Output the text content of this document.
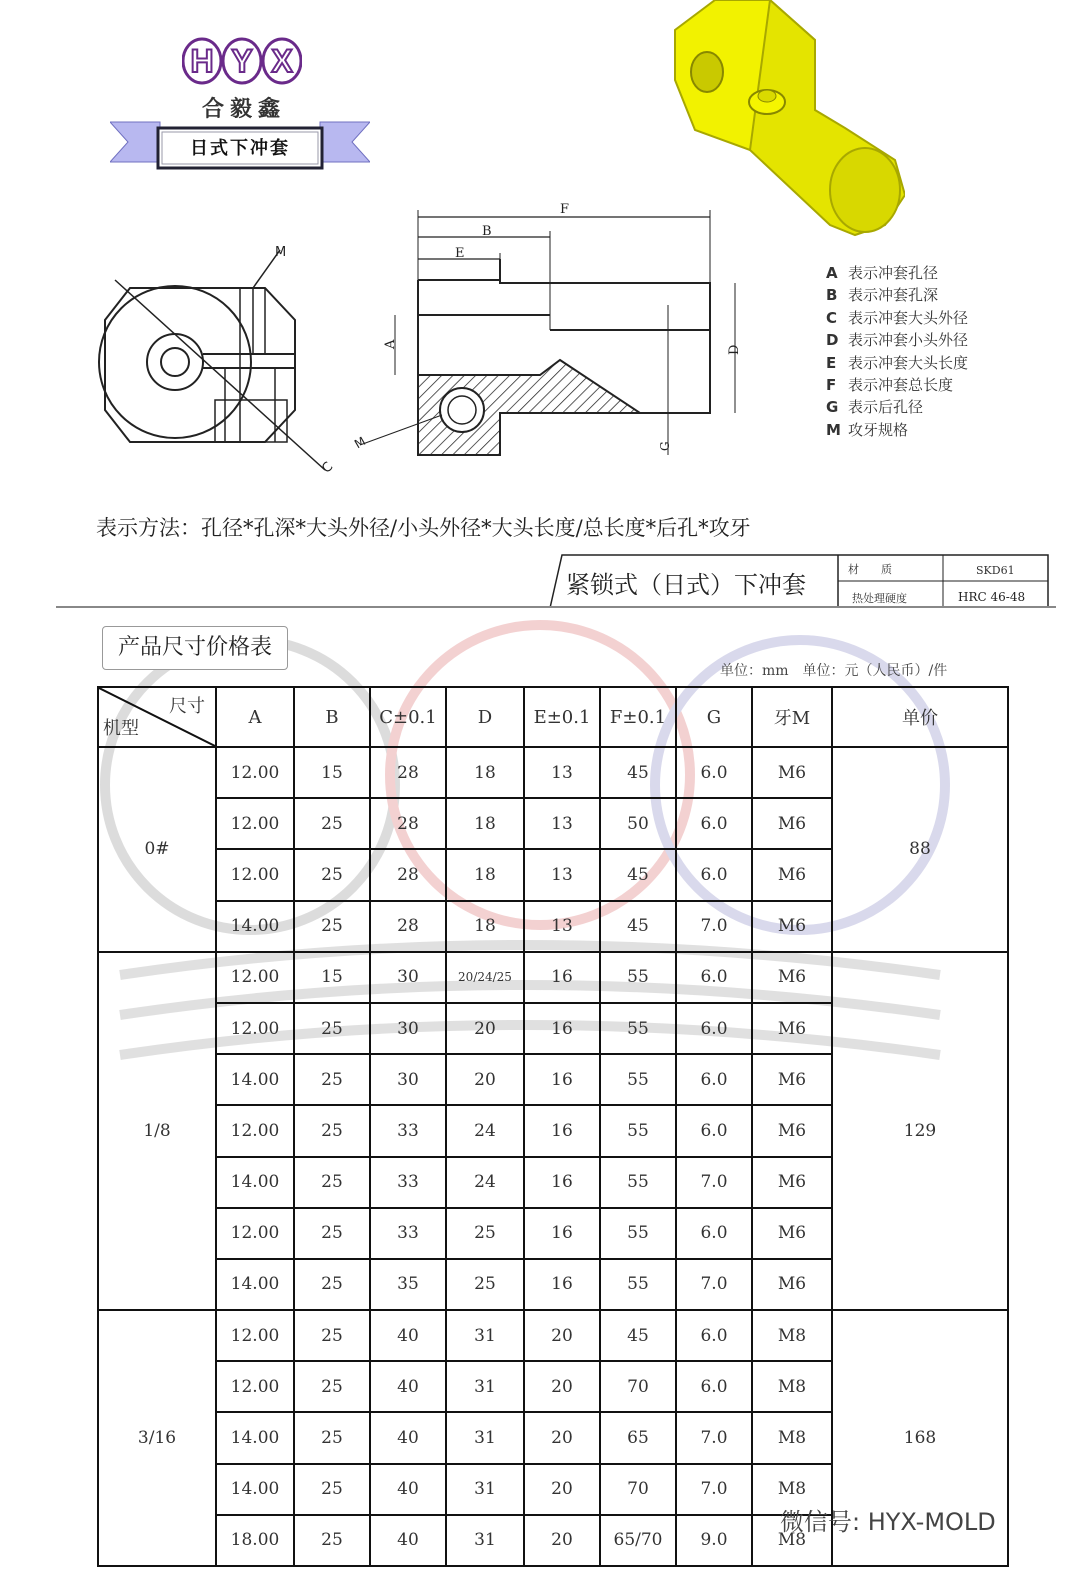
H Y X
合毅鑫
日式下冲套
M
C
F
B
E
A
D
G
M
A 表示冲套孔径
B 表示冲套孔深
C 表示冲套大头外径
D 表示冲套小头外径
E 表示冲套大头长度
F 表示冲套总长度
G 表示后孔径
M 攻牙规格
表示方法：孔径*孔深*大头外径/小头外径*大头长度/总长度*后孔*攻牙
紧锁式（日式）下冲套
材　　质	SKD61
热处理硬度	HRC 46-48
产品尺寸价格表
单位：mm　单位：元（人民币）/件
尺寸
机型	A	B	C±0.1	D	E±0.1	F±0.1	G	牙M	单价
0#	12.00	15	28	18	13	45	6.0	M6	88
	12.00	25	28	18	13	50	6.0	M6	
	12.00	25	28	18	13	45	6.0	M6	
	14.00	25	28	18	13	45	7.0	M6	
1/8	12.00	15	30	20/24/25	16	55	6.0	M6	129
	12.00	25	30	20	16	55	6.0	M6	
	14.00	25	30	20	16	55	6.0	M6	
	12.00	25	33	24	16	55	6.0	M6	
	14.00	25	33	24	16	55	7.0	M6	
	12.00	25	33	25	16	55	6.0	M6	
	14.00	25	35	25	16	55	7.0	M6	
3/16	12.00	25	40	31	20	45	6.0	M8	168
	12.00	25	40	31	20	70	6.0	M8	
	14.00	25	40	31	20	65	7.0	M8	
	14.00	25	40	31	20	70	7.0	M8	
	18.00	25	40	31	20	65/70	9.0	M8	
微信号: HYX-MOLD
